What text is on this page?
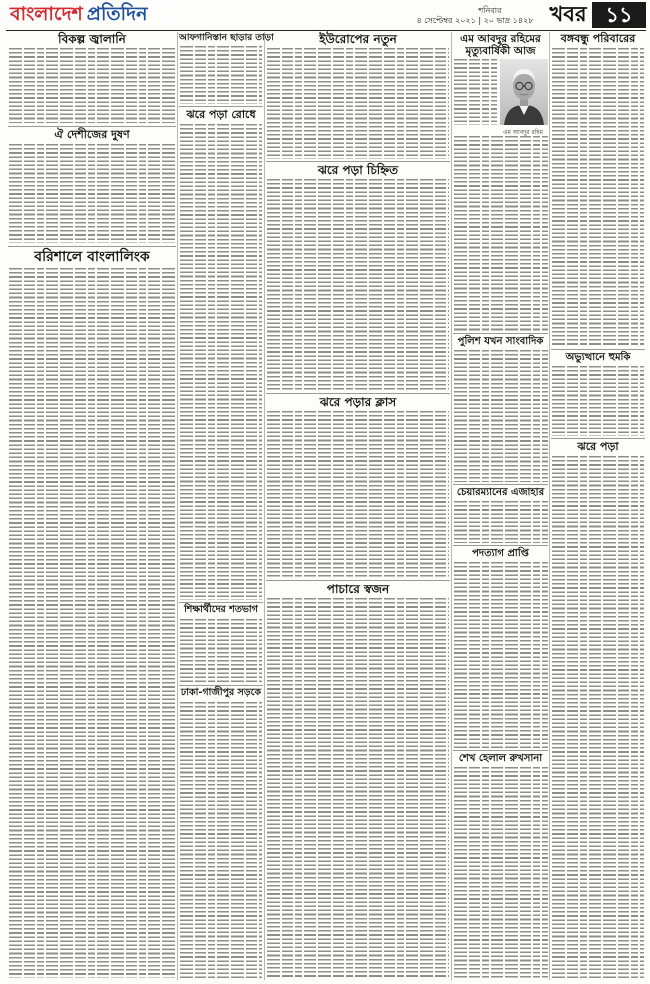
বাংলাদেশ প্রতিদিন	শনিবার
৪ সেপ্টেম্বর ২০২১ | ২০ ভাদ্র ১৪২৮ খবর ১১
বিকল্প জ্বালানি
ঐ দেশীজের দুষণ
বরিশালে বাংলালিংক
আফগানিস্তান ছাড়ার তাড়া
ঝরে পড়া রোধে
শিক্ষার্থীদের শতভাগ
ঢাকা-গাজীপুর সড়কে
ইউরোপের নতুন
ঝরে পড়া চিহ্নিত
ঝরে পড়ার ক্লাস
পাচারে স্বজন
এম আবদুর রহিমের
মৃত্যুবার্ষিকী আজ
এম আবদুর রহিম
পুলিশ যখন সাংবাদিক
চেয়ারম্যানের এজাহার
পদত্যাগ প্রাপ্তি
শেখ হেলাল রুখসানা
বঙ্গবন্ধু পরিবারের
অভ্যুত্থানে হুমকি
ঝরে পড়া
